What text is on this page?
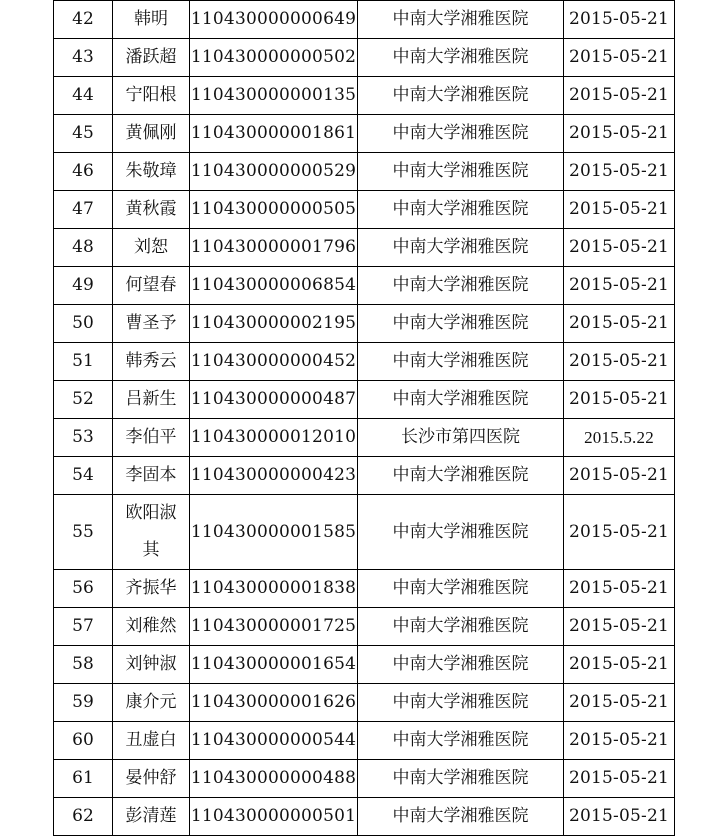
42	韩明	110430000000649	中南大学湘雅医院	2015-05-21
43	潘跃超	110430000000502	中南大学湘雅医院	2015-05-21
44	宁阳根	110430000000135	中南大学湘雅医院	2015-05-21
45	黄佩刚	110430000001861	中南大学湘雅医院	2015-05-21
46	朱敬璋	110430000000529	中南大学湘雅医院	2015-05-21
47	黄秋霞	110430000000505	中南大学湘雅医院	2015-05-21
48	刘恕	110430000001796	中南大学湘雅医院	2015-05-21
49	何望春	110430000006854	中南大学湘雅医院	2015-05-21
50	曹圣予	110430000002195	中南大学湘雅医院	2015-05-21
51	韩秀云	110430000000452	中南大学湘雅医院	2015-05-21
52	吕新生	110430000000487	中南大学湘雅医院	2015-05-21
53	李伯平	110430000012010	长沙市第四医院	2015.5.22
54	李固本	110430000000423	中南大学湘雅医院	2015-05-21
55	欧阳淑其	110430000001585	中南大学湘雅医院	2015-05-21
56	齐振华	110430000001838	中南大学湘雅医院	2015-05-21
57	刘稚然	110430000001725	中南大学湘雅医院	2015-05-21
58	刘钟淑	110430000001654	中南大学湘雅医院	2015-05-21
59	康介元	110430000001626	中南大学湘雅医院	2015-05-21
60	丑虚白	110430000000544	中南大学湘雅医院	2015-05-21
61	晏仲舒	110430000000488	中南大学湘雅医院	2015-05-21
62	彭清莲	110430000000501	中南大学湘雅医院	2015-05-21
